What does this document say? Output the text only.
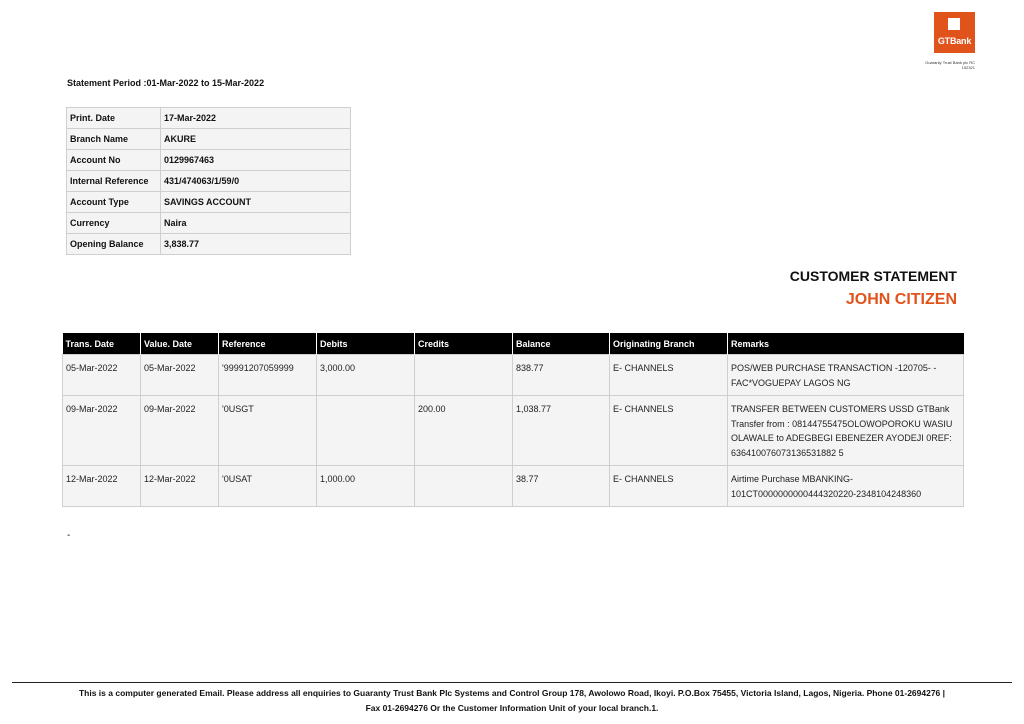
GTBank
Guaranty Trust Bank plc RC 152321
Statement Period :01-Mar-2022 to 15-Mar-2022
Print. Date	17-Mar-2022
Branch Name	AKURE
Account No	0129967463
Internal Reference	431/474063/1/59/0
Account Type	SAVINGS ACCOUNT
Currency	Naira
Opening Balance	3,838.77
CUSTOMER STATEMENT
JOHN CITIZEN
Trans. Date	Value. Date	Reference	Debits	Credits	Balance	Originating Branch	Remarks
05-Mar-2022	05-Mar-2022	'99991207059999	3,000.00		838.77	E- CHANNELS	POS/WEB PURCHASE TRANSACTION -120705- -FAC*VOGUEPAY LAGOS NG
09-Mar-2022	09-Mar-2022	'0USGT		200.00	1,038.77	E- CHANNELS	TRANSFER BETWEEN CUSTOMERS USSD GTBank Transfer from : 08144755475OLOWOPOROKU WASIU OLAWALE to ADEGBEGI EBENEZER AYODEJI 0REF: 636410076073136531882 5
12-Mar-2022	12-Mar-2022	'0USAT	1,000.00		38.77	E- CHANNELS	Airtime Purchase MBANKING-101CT0000000000444320220-2348104248360
-
This is a computer generated Email. Please address all enquiries to Guaranty Trust Bank Plc Systems and Control Group 178, Awolowo Road, Ikoyi. P.O.Box 75455, Victoria Island, Lagos, Nigeria. Phone 01-2694276 |
Fax 01-2694276 Or the Customer Information Unit of your local branch.1.
